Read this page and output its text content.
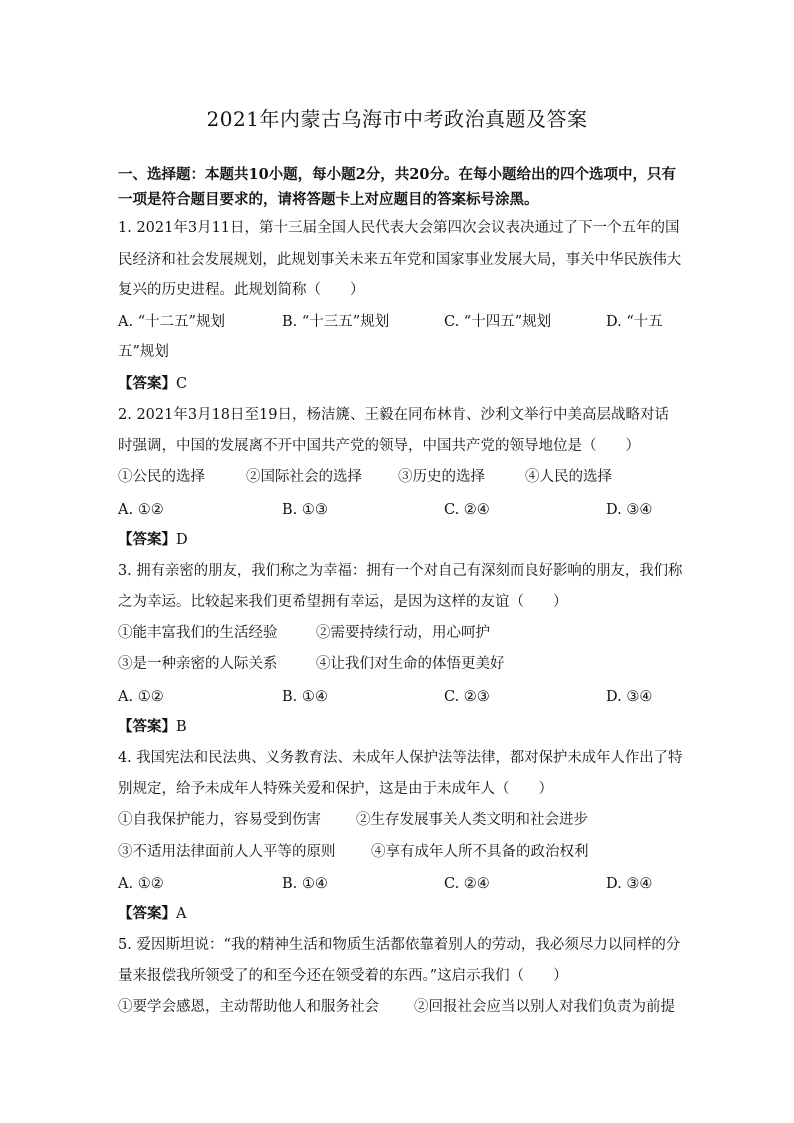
2021年内蒙古乌海市中考政治真题及答案
一、选择题：本题共10小题，每小题2分，共20分。在每小题给出的四个选项中，只有
一项是符合题目要求的，请将答题卡上对应题目的答案标号涂黑。
1. 2021年3月11日，第十三届全国人民代表大会第四次会议表决通过了下一个五年的国
民经济和社会发展规划，此规划事关未来五年党和国家事业发展大局，事关中华民族伟大
复兴的历史进程。此规划简称（　　）
A. “十二五”规划	B. “十三五”规划	C. “十四五”规划	D. “十五
五”规划
【答案】C
2. 2021年3月18日至19日，杨洁篪、王毅在同布林肯、沙利文举行中美高层战略对话
时强调，中国的发展离不开中国共产党的领导，中国共产党的领导地位是（　　）
①公民的选择	②国际社会的选择 ③历史的选择	④人民的选择
A. ①②	B. ①③	C. ②④	D. ③④
【答案】D
3. 拥有亲密的朋友，我们称之为幸福：拥有一个对自己有深刻而良好影响的朋友，我们称
之为幸运。比较起来我们更希望拥有幸运，是因为这样的友谊（　　）
①能丰富我们的生活经验	②需要持续行动，用心呵护
③是一种亲密的人际关系	④让我们对生命的体悟更美好
A. ①②	B. ①④	C. ②③	D. ③④
【答案】B
4. 我国宪法和民法典、义务教育法、未成年人保护法等法律，都对保护未成年人作出了特
别规定，给予未成年人特殊关爱和保护，这是由于未成年人（　　）
①自我保护能力，容易受到伤害 ②生存发展事关人类文明和社会进步
③不适用法律面前人人平等的原则 ④享有成年人所不具备的政治权利
A. ①②	B. ①④	C. ②④	D. ③④
【答案】A
5. 爱因斯坦说：“我的精神生活和物质生活都依靠着别人的劳动，我必须尽力以同样的分
量来报偿我所领受了的和至今还在领受着的东西。”这启示我们（　　）
①要学会感恩，主动帮助他人和服务社会 ②回报社会应当以别人对我们负责为前提
